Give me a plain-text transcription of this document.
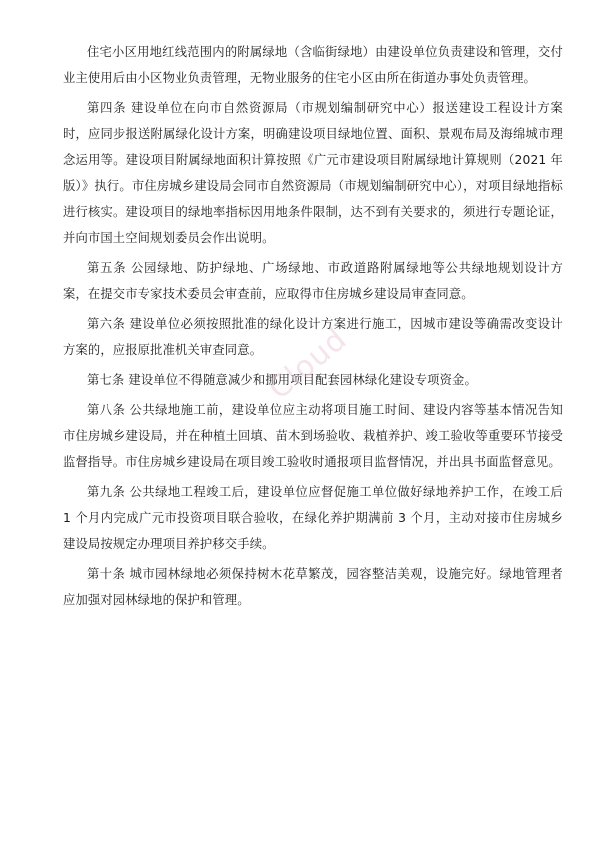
住宅小区用地红线范围内的附属绿地（含临街绿地）由建设单位负责建设和管理，交付业主使用后由小区物业负责管理，无物业服务的住宅小区由所在街道办事处负责管理。

第四条 建设单位在向市自然资源局（市规划编制研究中心）报送建设工程设计方案时，应同步报送附属绿化设计方案，明确建设项目绿地位置、面积、景观布局及海绵城市理念运用等。建设项目附属绿地面积计算按照《广元市建设项目附属绿地计算规则（2021 年版）》执行。市住房城乡建设局会同市自然资源局（市规划编制研究中心），对项目绿地指标进行核实。建设项目的绿地率指标因用地条件限制，达不到有关要求的，须进行专题论证，并向市国土空间规划委员会作出说明。

第五条 公园绿地、防护绿地、广场绿地、市政道路附属绿地等公共绿地规划设计方案，在提交市专家技术委员会审查前，应取得市住房城乡建设局审查同意。

第六条 建设单位必须按照批准的绿化设计方案进行施工，因城市建设等确需改变设计方案的，应报原批准机关审查同意。

第七条 建设单位不得随意减少和挪用项目配套园林绿化建设专项资金。

第八条 公共绿地施工前，建设单位应主动将项目施工时间、建设内容等基本情况告知市住房城乡建设局，并在种植土回填、苗木到场验收、栽植养护、竣工验收等重要环节接受监督指导。市住房城乡建设局在项目竣工验收时通报项目监督情况，并出具书面监督意见。

第九条 公共绿地工程竣工后，建设单位应督促施工单位做好绿地养护工作，在竣工后 1 个月内完成广元市投资项目联合验收，在绿化养护期满前 3 个月，主动对接市住房城乡建设局按规定办理项目养护移交手续。

第十条 城市园林绿地必须保持树木花草繁茂，园容整洁美观，设施完好。绿地管理者应加强对园林绿地的保护和管理。

Cloud
